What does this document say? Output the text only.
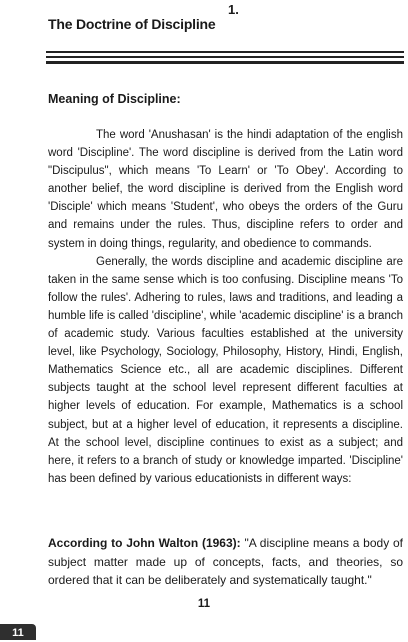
1.
The Doctrine of Discipline
Meaning of Discipline:

The word 'Anushasan' is the hindi adaptation of the english word 'Discipline'. The word discipline is derived from the Latin word "Discipulus", which means 'To Learn' or 'To Obey'. According to another belief, the word discipline is derived from the English word 'Disciple' which means 'Student', who obeys the orders of the Guru and remains under the rules. Thus, discipline refers to order and system in doing things, regularity, and obedience to commands.

Generally, the words discipline and academic discipline are taken in the same sense which is too confusing. Discipline means 'To follow the rules'. Adhering to rules, laws and traditions, and leading a humble life is called 'discipline', while 'academic discipline' is a branch of academic study. Various faculties established at the university level, like Psychology, Sociology, Philosophy, History, Hindi, English, Mathematics Science etc., all are academic disciplines. Different subjects taught at the school level represent different faculties at higher levels of education. For example, Mathematics is a school subject, but at a higher level of education, it represents a discipline. At the school level, discipline continues to exist as a subject; and here, it refers to a branch of study or knowledge imparted. 'Discipline' has been defined by various educationists in different ways:

According to John Walton (1963): "A discipline means a body of subject matter made up of concepts, facts, and theories, so ordered that it can be deliberately and systematically taught."
11
11
